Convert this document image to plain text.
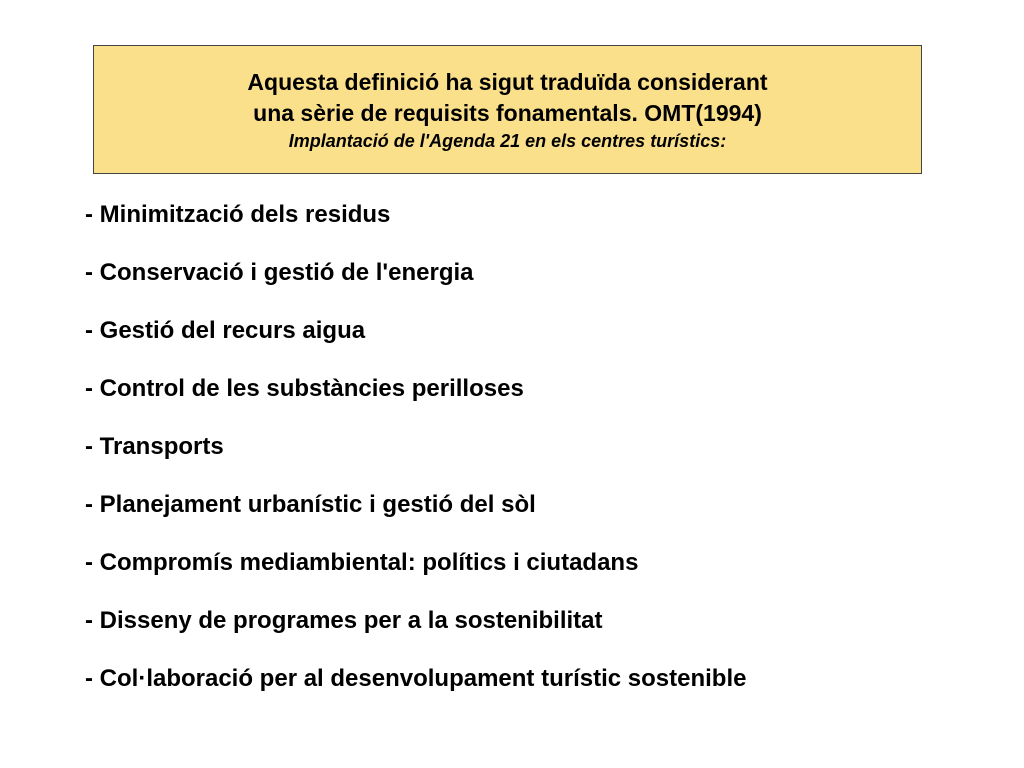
Aquesta definició ha sigut traduïda considerant
una sèrie de requisits fonamentals. OMT(1994)
Implantació de l'Agenda 21 en els centres turístics:
- Minimització dels residus
- Conservació i gestió de l'energia
- Gestió del recurs aigua
- Control de les substàncies perilloses
- Transports
- Planejament urbanístic i gestió del sòl
- Compromís mediambiental: polítics i ciutadans
- Disseny de programes per a la sostenibilitat
- Col·laboració per al desenvolupament turístic sostenible
